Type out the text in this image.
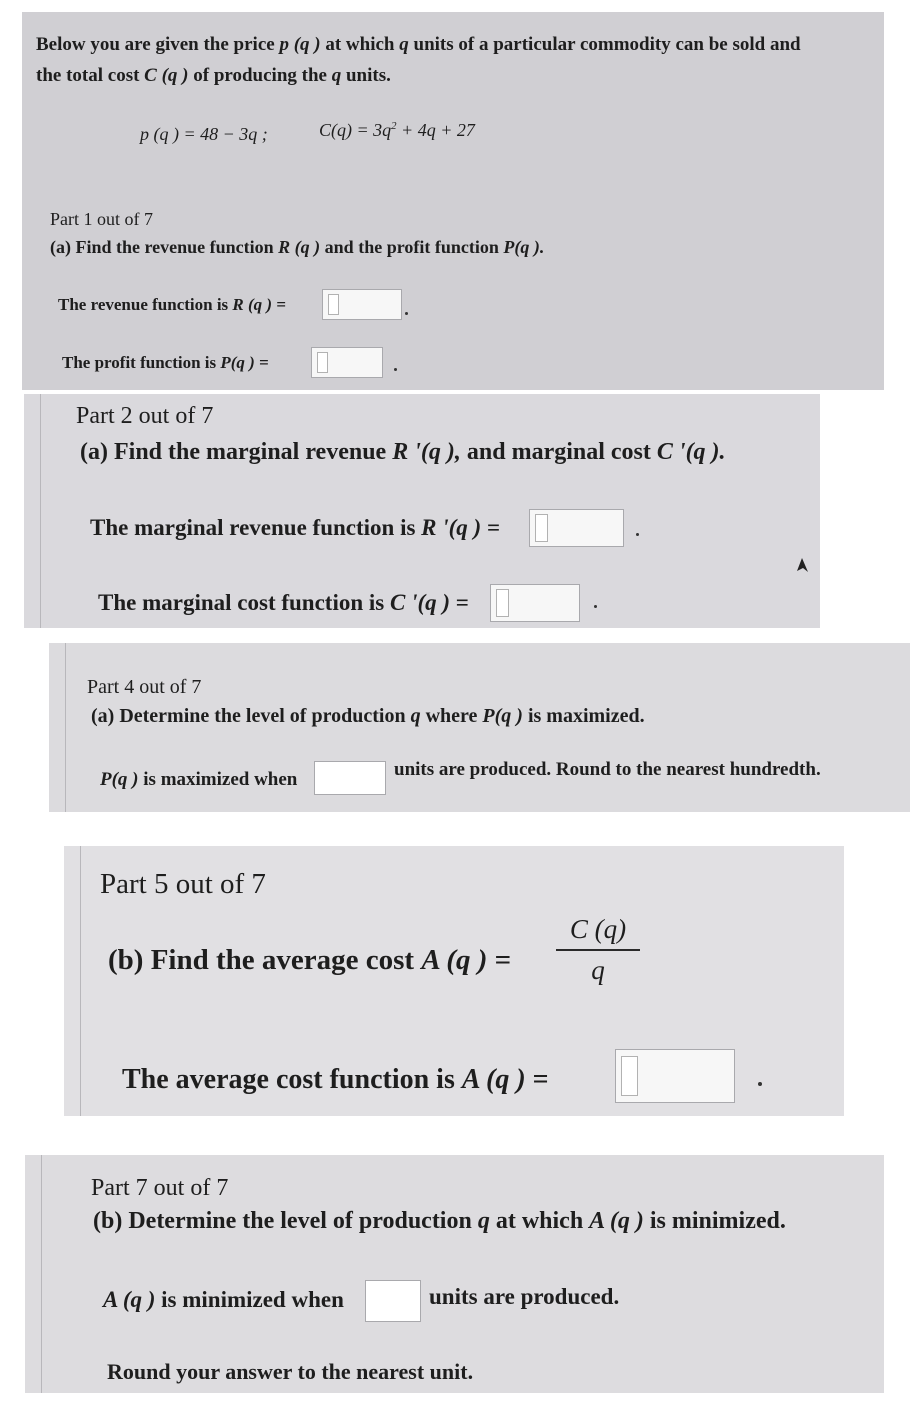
Below you are given the price p (q ) at which q units of a particular commodity can be sold and
the total cost C (q ) of producing the q units.
p (q ) = 48 − 3q ;	$C(q) = 3q^2 + 4q + 27$
Part 1 out of 7
(a) Find the revenue function R (q ) and the profit function P(q ).
The revenue function is R (q ) =
The profit function is P(q ) =
Part 2 out of 7
(a) Find the marginal revenue R '(q ), and marginal cost C '(q ).
The marginal revenue function is R '(q ) =
The marginal cost function is C '(q ) =
Part 4 out of 7
(a) Determine the level of production q where P(q ) is maximized.
P(q ) is maximized when	units are produced. Round to the nearest hundredth.
Part 5 out of 7
(b) Find the average cost A (q ) =
C (q)
q
The average cost function is A (q ) =
Part 7 out of 7
(b) Determine the level of production q at which A (q ) is minimized.
A (q ) is minimized when	units are produced.
Round your answer to the nearest unit.
